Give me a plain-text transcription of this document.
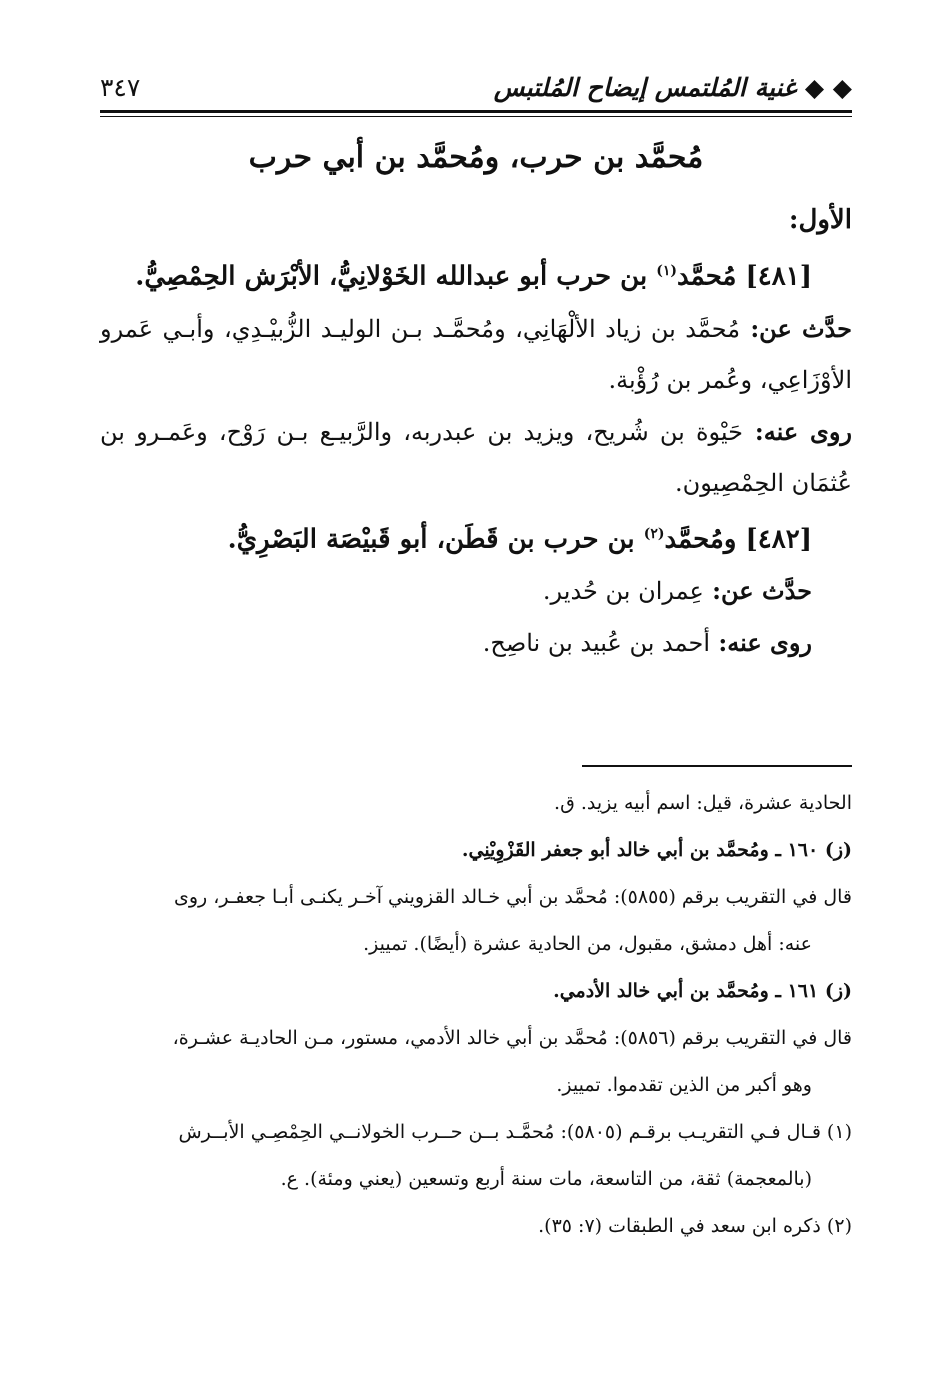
◆ ◆ غنية المُلتمس إيضاح المُلتبس
٣٤٧
مُحمَّد بن حرب، ومُحمَّد بن أبي حرب

الأول:

[٤٨١] مُحمَّد$^{(١)}$ بن حرب أبو عبدالله الخَوْلانِيُّ، الأبْرَش الحِمْصِيُّ.

حدَّث عن: مُحمَّد بن زياد الألْهَانِي، ومُحمَّـد بـن الوليـد الزُّبيْـدِي، وأبـي عَمرو الأوْزَاعِي، وعُمر بن رُؤْبة.

روى عنه: حَيْوة بن شُريح، ويزيد بن عبدربه، والرَّبيـع بـن رَوْح، وعَمـرو بن عُثمَان الحِمْصِيون.

[٤٨٢] ومُحمَّد$^{(٢)}$ بن حرب بن قَطَن، أبو قَبيْصَة البَصْرِيُّ.

حدَّث عن: عِمران بن حُدير.

روى عنه: أحمد بن عُبيد بن ناصِح.

الحادية عشرة، قيل: اسم أبيه يزيد. ق.

(ز) ١٦٠ ـ ومُحمَّد بن أبي خالد أبو جعفر القَزْوِيْنِي.

قال في التقريب برقم (٥٨٥٥): مُحمَّد بن أبي خـالد القزويني آخـر يكنـى أبـا جعفـر، روى

عنه: أهل دمشق، مقبول، من الحادية عشرة (أيضًا). تمييز.

(ز) ١٦١ ـ ومُحمَّد بن أبي خالد الأدمي.

قال في التقريب برقم (٥٨٥٦): مُحمَّد بن أبي خالد الأدمي، مستور، مـن الحاديـة عشـرة،

وهو أكبر من الذين تقدموا. تمييز.

(١) قـال فـي التقريـب برقـم (٥٨٠٥): مُحمَّـد بــن حــرب الخولانــي الحِمْصِـي الأبــرش

(بالمعجمة) ثقة، من التاسعة، مات سنة أربع وتسعين (يعني ومئة). ع.

(٢) ذكره ابن سعد في الطبقات (٧: ٣٥).
